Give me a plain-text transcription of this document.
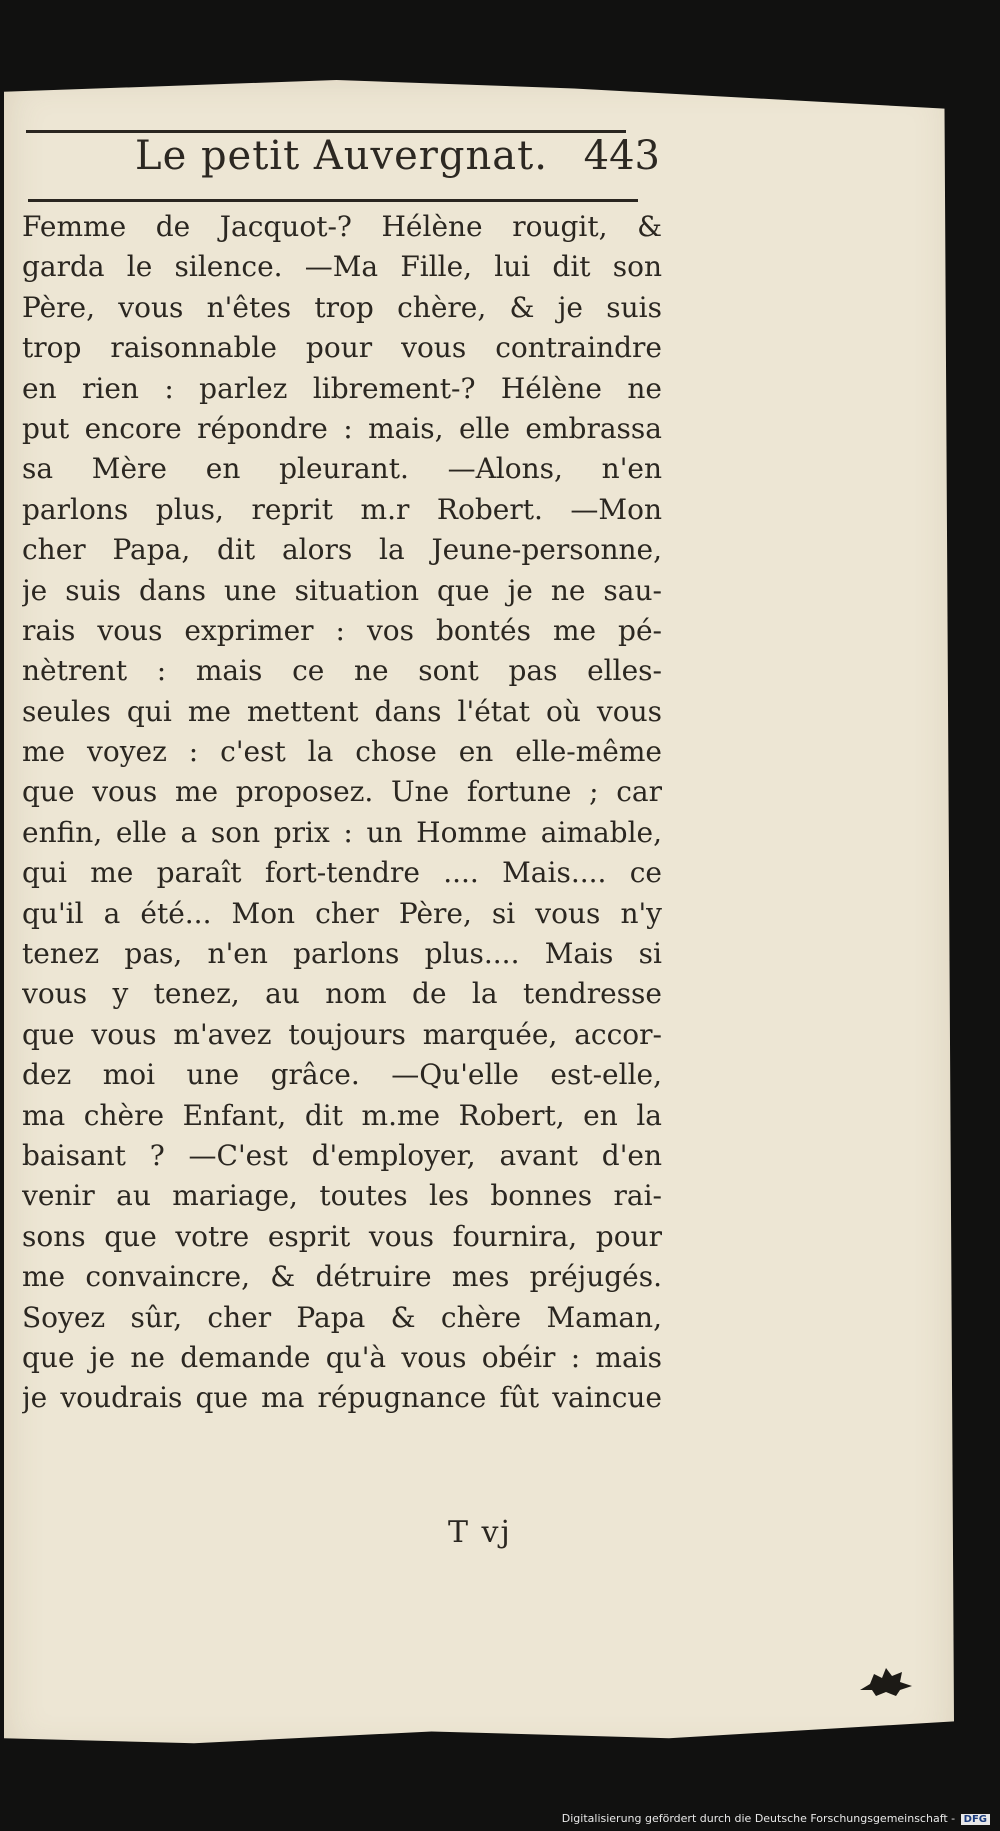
Le petit Auvergnat. 443
Femme de Jacquot-? Hélène rougit, &
garda le silence. —Ma Fille, lui dit son
Père, vous n'êtes trop chère, & je suis
trop raisonnable pour vous contraindre
en rien : parlez librement-? Hélène ne
put encore répondre : mais, elle embrassa
sa Mère en pleurant. —Alons, n'en
parlons plus, reprit m.r Robert. —Mon
cher Papa, dit alors la Jeune-personne,
je suis dans une situation que je ne sau-
rais vous exprimer : vos bontés me pé-
nètrent : mais ce ne sont pas elles-
seules qui me mettent dans l'état où vous
me voyez : c'est la chose en elle-même
que vous me proposez. Une fortune ; car
enfin, elle a son prix : un Homme aimable,
qui me paraît fort-tendre .... Mais.... ce
qu'il a été... Mon cher Père, si vous n'y
tenez pas, n'en parlons plus.... Mais si
vous y tenez, au nom de la tendresse
que vous m'avez toujours marquée, accor-
dez moi une grâce. —Qu'elle est-elle,
ma chère Enfant, dit m.me Robert, en la
baisant ? —C'est d'employer, avant d'en
venir au mariage, toutes les bonnes rai-
sons que votre esprit vous fournira, pour
me convaincre, & détruire mes préjugés.
Soyez sûr, cher Papa & chère Maman,
que je ne demande qu'à vous obéir : mais
je voudrais que ma répugnance fût vaincue
T vj
Digitalisierung gefördert durch die Deutsche Forschungsgemeinschaft - DFG
